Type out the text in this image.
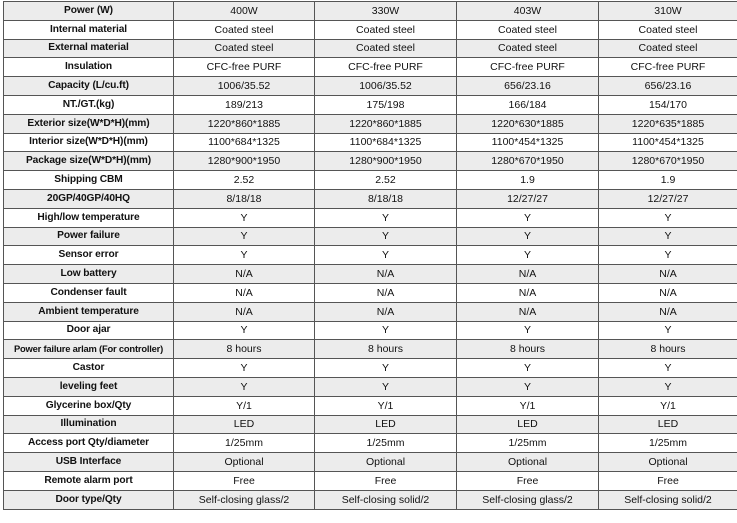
Power (W)	400W	330W	403W	310W
Internal material	Coated steel	Coated steel	Coated steel	Coated steel
External material	Coated steel	Coated steel	Coated steel	Coated steel
Insulation	CFC-free PURF	CFC-free PURF	CFC-free PURF	CFC-free PURF
Capacity (L/cu.ft)	1006/35.52	1006/35.52	656/23.16	656/23.16
NT./GT.(kg)	189/213	175/198	166/184	154/170
Exterior size(W*D*H)(mm)	1220*860*1885	1220*860*1885	1220*630*1885	1220*635*1885
Interior size(W*D*H)(mm)	1100*684*1325	1100*684*1325	1100*454*1325	1100*454*1325
Package size(W*D*H)(mm)	1280*900*1950	1280*900*1950	1280*670*1950	1280*670*1950
Shipping CBM	2.52	2.52	1.9	1.9
20GP/40GP/40HQ	8/18/18	8/18/18	12/27/27	12/27/27
High/low temperature	Y	Y	Y	Y
Power failure	Y	Y	Y	Y
Sensor error	Y	Y	Y	Y
Low battery	N/A	N/A	N/A	N/A
Condenser fault	N/A	N/A	N/A	N/A
Ambient temperature	N/A	N/A	N/A	N/A
Door ajar	Y	Y	Y	Y
Power failure arlam (For controller)	8 hours	8 hours	8 hours	8 hours
Castor	Y	Y	Y	Y
leveling feet	Y	Y	Y	Y
Glycerine box/Qty	Y/1	Y/1	Y/1	Y/1
Illumination	LED	LED	LED	LED
Access port Qty/diameter	1/25mm	1/25mm	1/25mm	1/25mm
USB Interface	Optional	Optional	Optional	Optional
Remote alarm port	Free	Free	Free	Free
Door type/Qty	Self-closing glass/2	Self-closing solid/2	Self-closing glass/2	Self-closing solid/2
